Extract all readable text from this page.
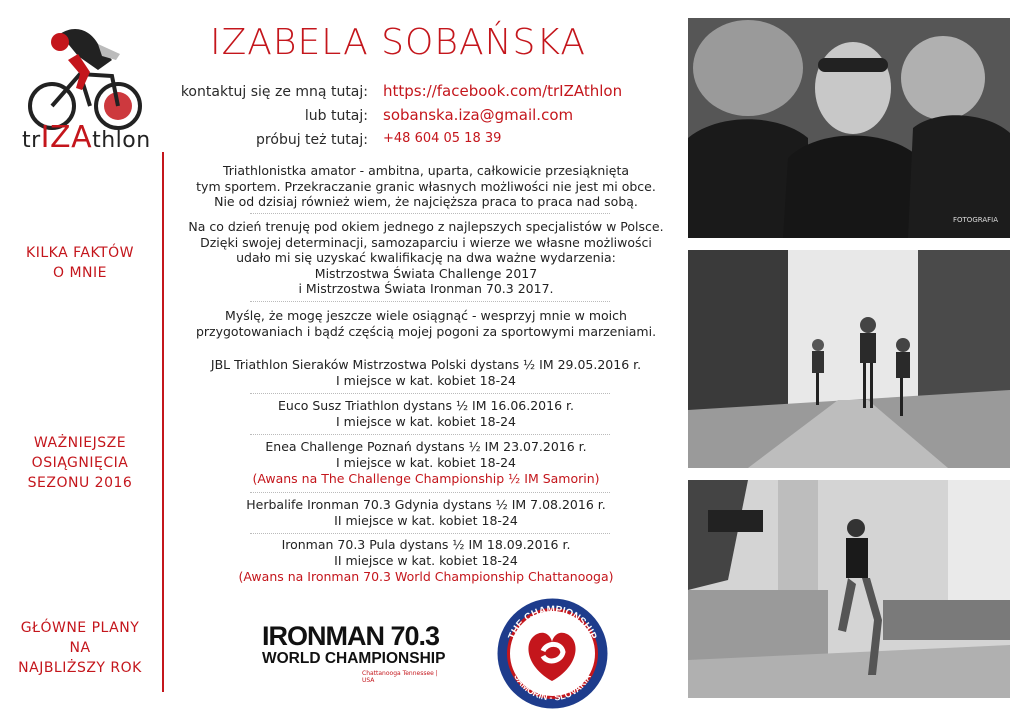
trIZAthlon
IZABELA SOBAŃSKA
kontaktuj się ze mną tutaj: https://facebook.com/trIZAthlon
lub tutaj: sobanska.iza@gmail.com
próbuj też tutaj: +48 604 05 18 39
Triathlonistka amator - ambitna, uparta, całkowicie przesiąknięta
tym sportem. Przekraczanie granic własnych możliwości nie jest mi obce.
Nie od dzisiaj również wiem, że najcięższa praca to praca nad sobą.
Na co dzień trenuję pod okiem jednego z najlepszych specjalistów w Polsce.
Dzięki swojej determinacji, samozaparciu i wierze we własne możliwości
udało mi się uzyskać kwalifikację na dwa ważne wydarzenia:
Mistrzostwa Świata Challenge 2017
i Mistrzostwa Świata Ironman 70.3 2017.
Myślę, że mogę jeszcze wiele osiągnąć - wesprzyj mnie w moich
przygotowaniach i bądź częścią mojej pogoni za sportowymi marzeniami.
KILKA FAKTÓW
O MNIE
WAŻNIEJSZE
OSIĄGNIĘCIA
SEZONU 2016
GŁÓWNE PLANY
NA
NAJBLIŻSZY ROK
JBL Triathlon Sieraków Mistrzostwa Polski dystans ½ IM 29.05.2016 r.
I miejsce w kat. kobiet 18-24
Euco Susz Triathlon dystans ½ IM 16.06.2016 r.
I miejsce w kat. kobiet 18-24
Enea Challenge Poznań dystans ½ IM 23.07.2016 r.
I miejsce w kat. kobiet 18-24
(Awans na The Challenge Championship ½ IM Samorin)
Herbalife Ironman 70.3 Gdynia dystans ½ IM 7.08.2016 r.
II miejsce w kat. kobiet 18-24
Ironman 70.3 Pula dystans ½ IM 18.09.2016 r.
II miejsce w kat. kobiet 18-24
(Awans na Ironman 70.3 World Championship Chattanooga)
IRONMAN 70.3
WORLD CHAMPIONSHIP
Chattanooga Tennessee | USA
THE CHAMPIONSHIP
SAMORIN - SLOVAKIA
FOTOGRAFIA
